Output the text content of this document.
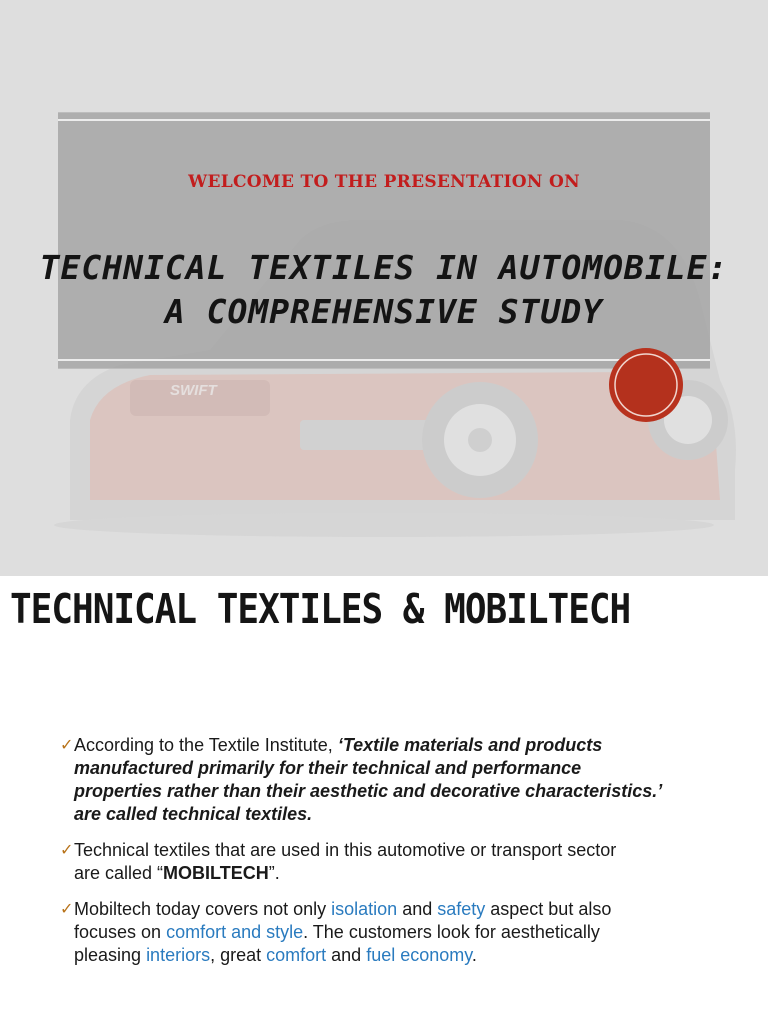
SWIFT
WELCOME TO THE PRESENTATION ON
TECHNICAL TEXTILES IN AUTOMOBILE:
A COMPREHENSIVE STUDY
TECHNICAL TEXTILES & MOBILTECH
✓ According to the Textile Institute, ‘Textile materials and products
manufactured primarily for their technical and performance
properties rather than their aesthetic and decorative characteristics.’
are called technical textiles.
✓ Technical textiles that are used in this automotive or transport sector
are called “MOBILTECH”.
✓ Mobiltech today covers not only isolation and safety aspect but also
focuses on comfort and style. The customers look for aesthetically
pleasing interiors, great comfort and fuel economy.
